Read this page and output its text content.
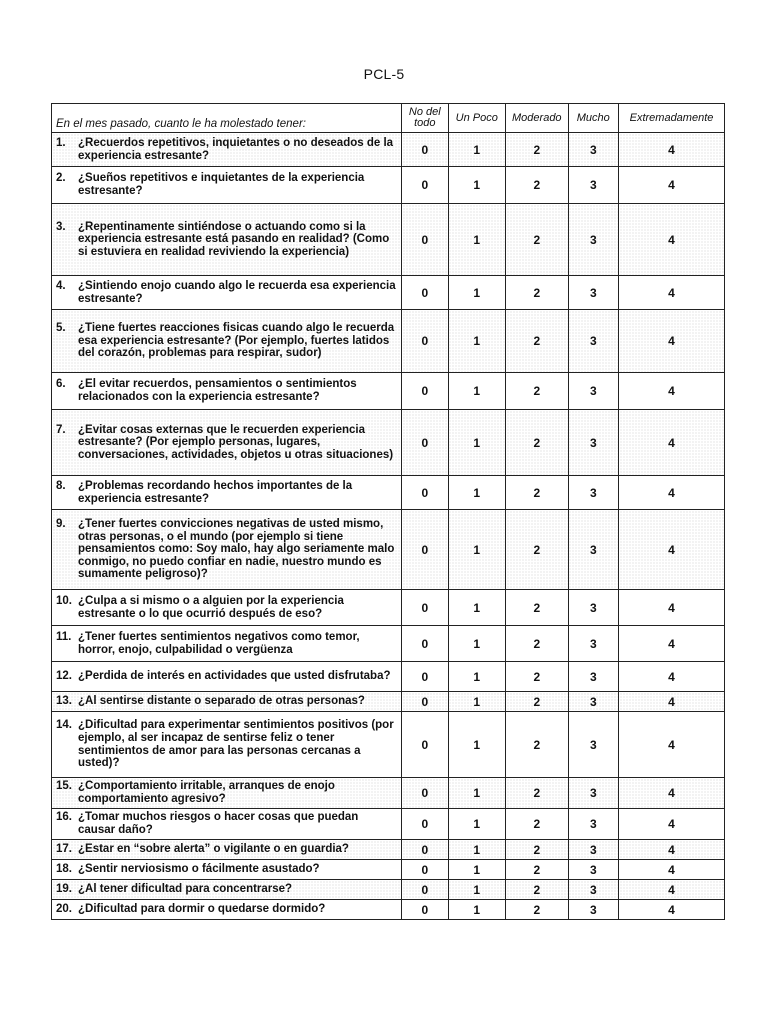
PCL-5
En el mes pasado, cuanto le ha molestado tener:	No del todo	Un Poco	Moderado	Mucho	Extremadamente

1. ¿Recuerdos repetitivos, inquietantes o no deseados de la experiencia estresante?	0	1	2	3	4

2. ¿Sueños repetitivos e inquietantes de la experiencia estresante?	0	1	2	3	4

3. ¿Repentinamente sintiéndose o actuando como si la experiencia estresante está pasando en realidad? (Como si estuviera en realidad reviviendo la experiencia)	0	1	2	3	4

4. ¿Sintiendo enojo cuando algo le recuerda esa experiencia estresante?	0	1	2	3	4

5. ¿Tiene fuertes reacciones fisicas cuando algo le recuerda esa experiencia estresante? (Por ejemplo, fuertes latidos del corazón, problemas para respirar, sudor)	0	1	2	3	4

6. ¿El evitar recuerdos, pensamientos o sentimientos relacionados con la experiencia estresante?	0	1	2	3	4

7. ¿Evitar cosas externas que le recuerden experiencia estresante? (Por ejemplo personas, lugares, conversaciones, actividades, objetos u otras situaciones)	0	1	2	3	4

8. ¿Problemas recordando hechos importantes de la experiencia estresante?	0	1	2	3	4

9. ¿Tener fuertes convicciones negativas de usted mismo, otras personas, o el mundo (por ejemplo si tiene pensamientos como: Soy malo, hay algo seriamente malo conmigo, no puedo confiar en nadie, nuestro mundo es sumamente peligroso)?	0	1	2	3	4

10. ¿Culpa a si mismo o a alguien por la experiencia estresante o lo que ocurrió después de eso?	0	1	2	3	4

11. ¿Tener fuertes sentimientos negativos como temor, horror, enojo, culpabilidad o vergüenza	0	1	2	3	4

12. ¿Perdida de interés en actividades que usted disfrutaba?	0	1	2	3	4

13. ¿Al sentirse distante o separado de otras personas?	0	1	2	3	4

14. ¿Dificultad para experimentar sentimientos positivos (por ejemplo, al ser incapaz de sentirse feliz o tener sentimientos de amor para las personas cercanas a usted)?	0	1	2	3	4

15. ¿Comportamiento irritable, arranques de enojo comportamiento agresivo?	0	1	2	3	4

16. ¿Tomar muchos riesgos o hacer cosas que puedan causar daño?	0	1	2	3	4

17. ¿Estar en “sobre alerta” o vigilante o en guardia?	0	1	2	3	4

18. ¿Sentir nerviosismo o fácilmente asustado?	0	1	2	3	4

19. ¿Al tener dificultad para concentrarse?	0	1	2	3	4

20. ¿Dificultad para dormir o quedarse dormido?	0	1	2	3	4
